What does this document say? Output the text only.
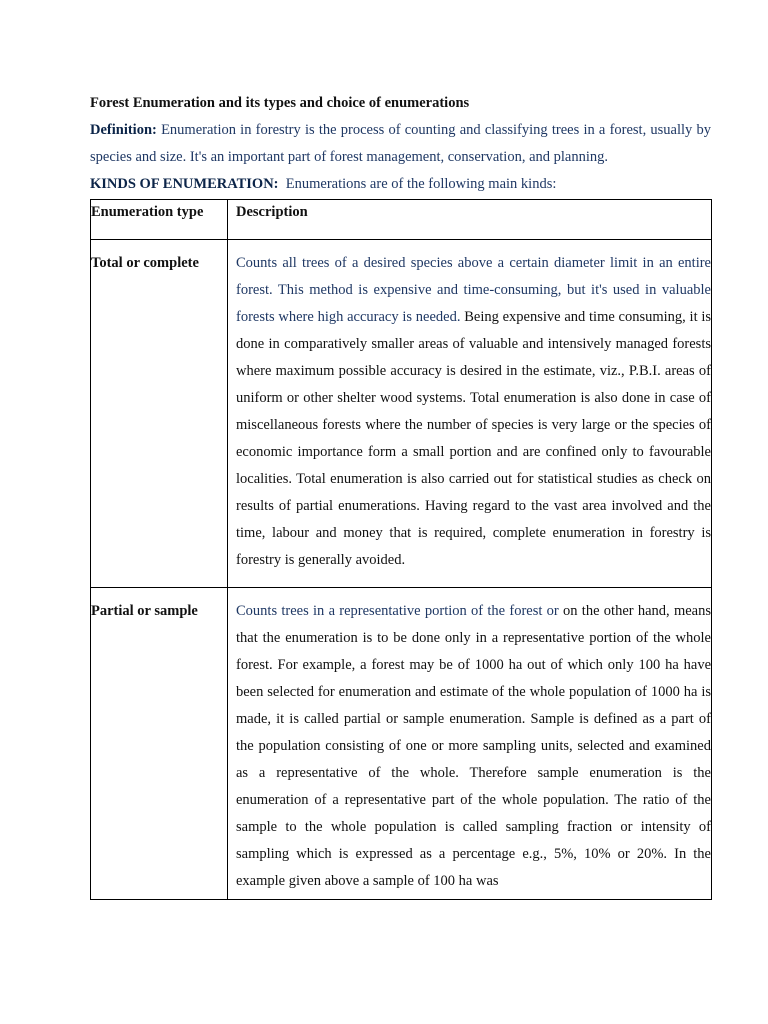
Forest Enumeration and its types and choice of enumerations
Definition: Enumeration in forestry is the process of counting and classifying trees in a forest, usually by species and size. It's an important part of forest management, conservation, and planning.
KINDS OF ENUMERATION: Enumerations are of the following main kinds:
Enumeration type	Description

Total or complete	Counts all trees of a desired species above a certain diameter limit in an entire forest. This method is expensive and time-consuming, but it's used in valuable forests where high accuracy is needed. Being expensive and time consuming, it is done in comparatively smaller areas of valuable and intensively managed forests where maximum possible accuracy is desired in the estimate, viz., P.B.I. areas of uniform or other shelter wood systems. Total enumeration is also done in case of miscellaneous forests where the number of species is very large or the species of economic importance form a small portion and are confined only to favourable localities. Total enumeration is also carried out for statistical studies as check on results of partial enumerations. Having regard to the vast area involved and the time, labour and money that is required, complete enumeration in forestry is forestry is generally avoided.

Partial or sample	Counts trees in a representative portion of the forest or on the other hand, means that the enumeration is to be done only in a representative portion of the whole forest. For example, a forest may be of 1000 ha out of which only 100 ha have been selected for enumeration and estimate of the whole population of 1000 ha is made, it is called partial or sample enumeration. Sample is defined as a part of the population consisting of one or more sampling units, selected and examined as a representative of the whole. Therefore sample enumeration is the enumeration of a representative part of the whole population. The ratio of the sample to the whole population is called sampling fraction or intensity of sampling which is expressed as a percentage e.g., 5%, 10% or 20%. In the example given above a sample of 100 ha was
